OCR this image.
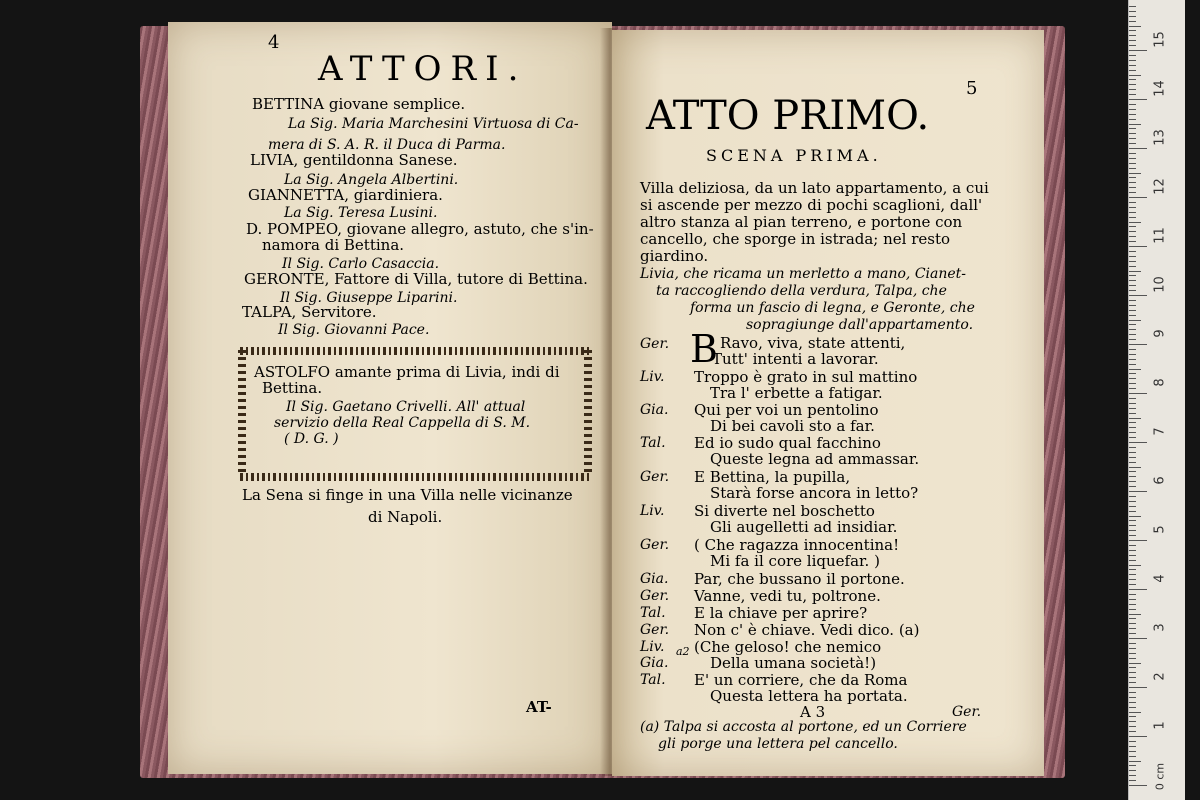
4
ATTORI.
BETTINA giovane semplice.
La Sig. Maria Marchesini Virtuosa di Ca-
mera di S. A. R. il Duca di Parma.
LIVIA, gentildonna Sanese.
La Sig. Angela Albertini.
GIANNETTA, giardiniera.
La Sig. Teresa Lusini.
D. POMPEO, giovane allegro, astuto, che s'in-
namora di Bettina.
Il Sig. Carlo Casaccia.
GERONTE, Fattore di Villa, tutore di Bettina.
Il Sig. Giuseppe Liparini.
TALPA, Servitore.
Il Sig. Giovanni Pace.
ASTOLFO amante prima di Livia, indi di
Bettina.
Il Sig. Gaetano Crivelli. All' attual
servizio della Real Cappella di S. M.
( D. G. )
La Sena si finge in una Villa nelle vicinanze
di Napoli.
AT-
5
ATTO PRIMO.
SCENA PRIMA.
Villa deliziosa, da un lato appartamento, a cui
si ascende per mezzo di pochi scaglioni, dall'
altro stanza al pian terreno, e portone con
cancello, che sporge in istrada; nel resto
giardino.
Livia, che ricama un merletto a mano, Cianet-
ta raccogliendo della verdura, Talpa, che
forma un fascio di legna, e Geronte, che
sopragiunge dall'appartamento.
Ger. B Ravo, viva, state attenti,
Tutt' intenti a lavorar.
Liv. Troppo è grato in sul mattino
Tra l' erbette a fatigar.
Gia. Qui per voi un pentolino
Di bei cavoli sto a far.
Tal. Ed io sudo qual facchino
Queste legna ad ammassar.
Ger. E Bettina, la pupilla,
Starà forse ancora in letto?
Liv. Si diverte nel boschetto
Gli augelletti ad insidiar.
Ger. ( Che ragazza innocentina!
Mi fa il core liquefar. )
Gia. Par, che bussano il portone.
Ger. Vanne, vedi tu, poltrone.
Tal. E la chiave per aprire?
Ger. Non c' è chiave. Vedi dico. (a)
Liv. (Che geloso! che nemico
Gia.
a2
Della umana società!)
Tal. E' un corriere, che da Roma
Questa lettera ha portata.
A 3	Ger.
(a) Talpa si accosta al portone, ed un Corriere
gli porge una lettera pel cancello.
15
14
13
12
11
10
9
8
7
6
5
4
3
2
1
0 cm
